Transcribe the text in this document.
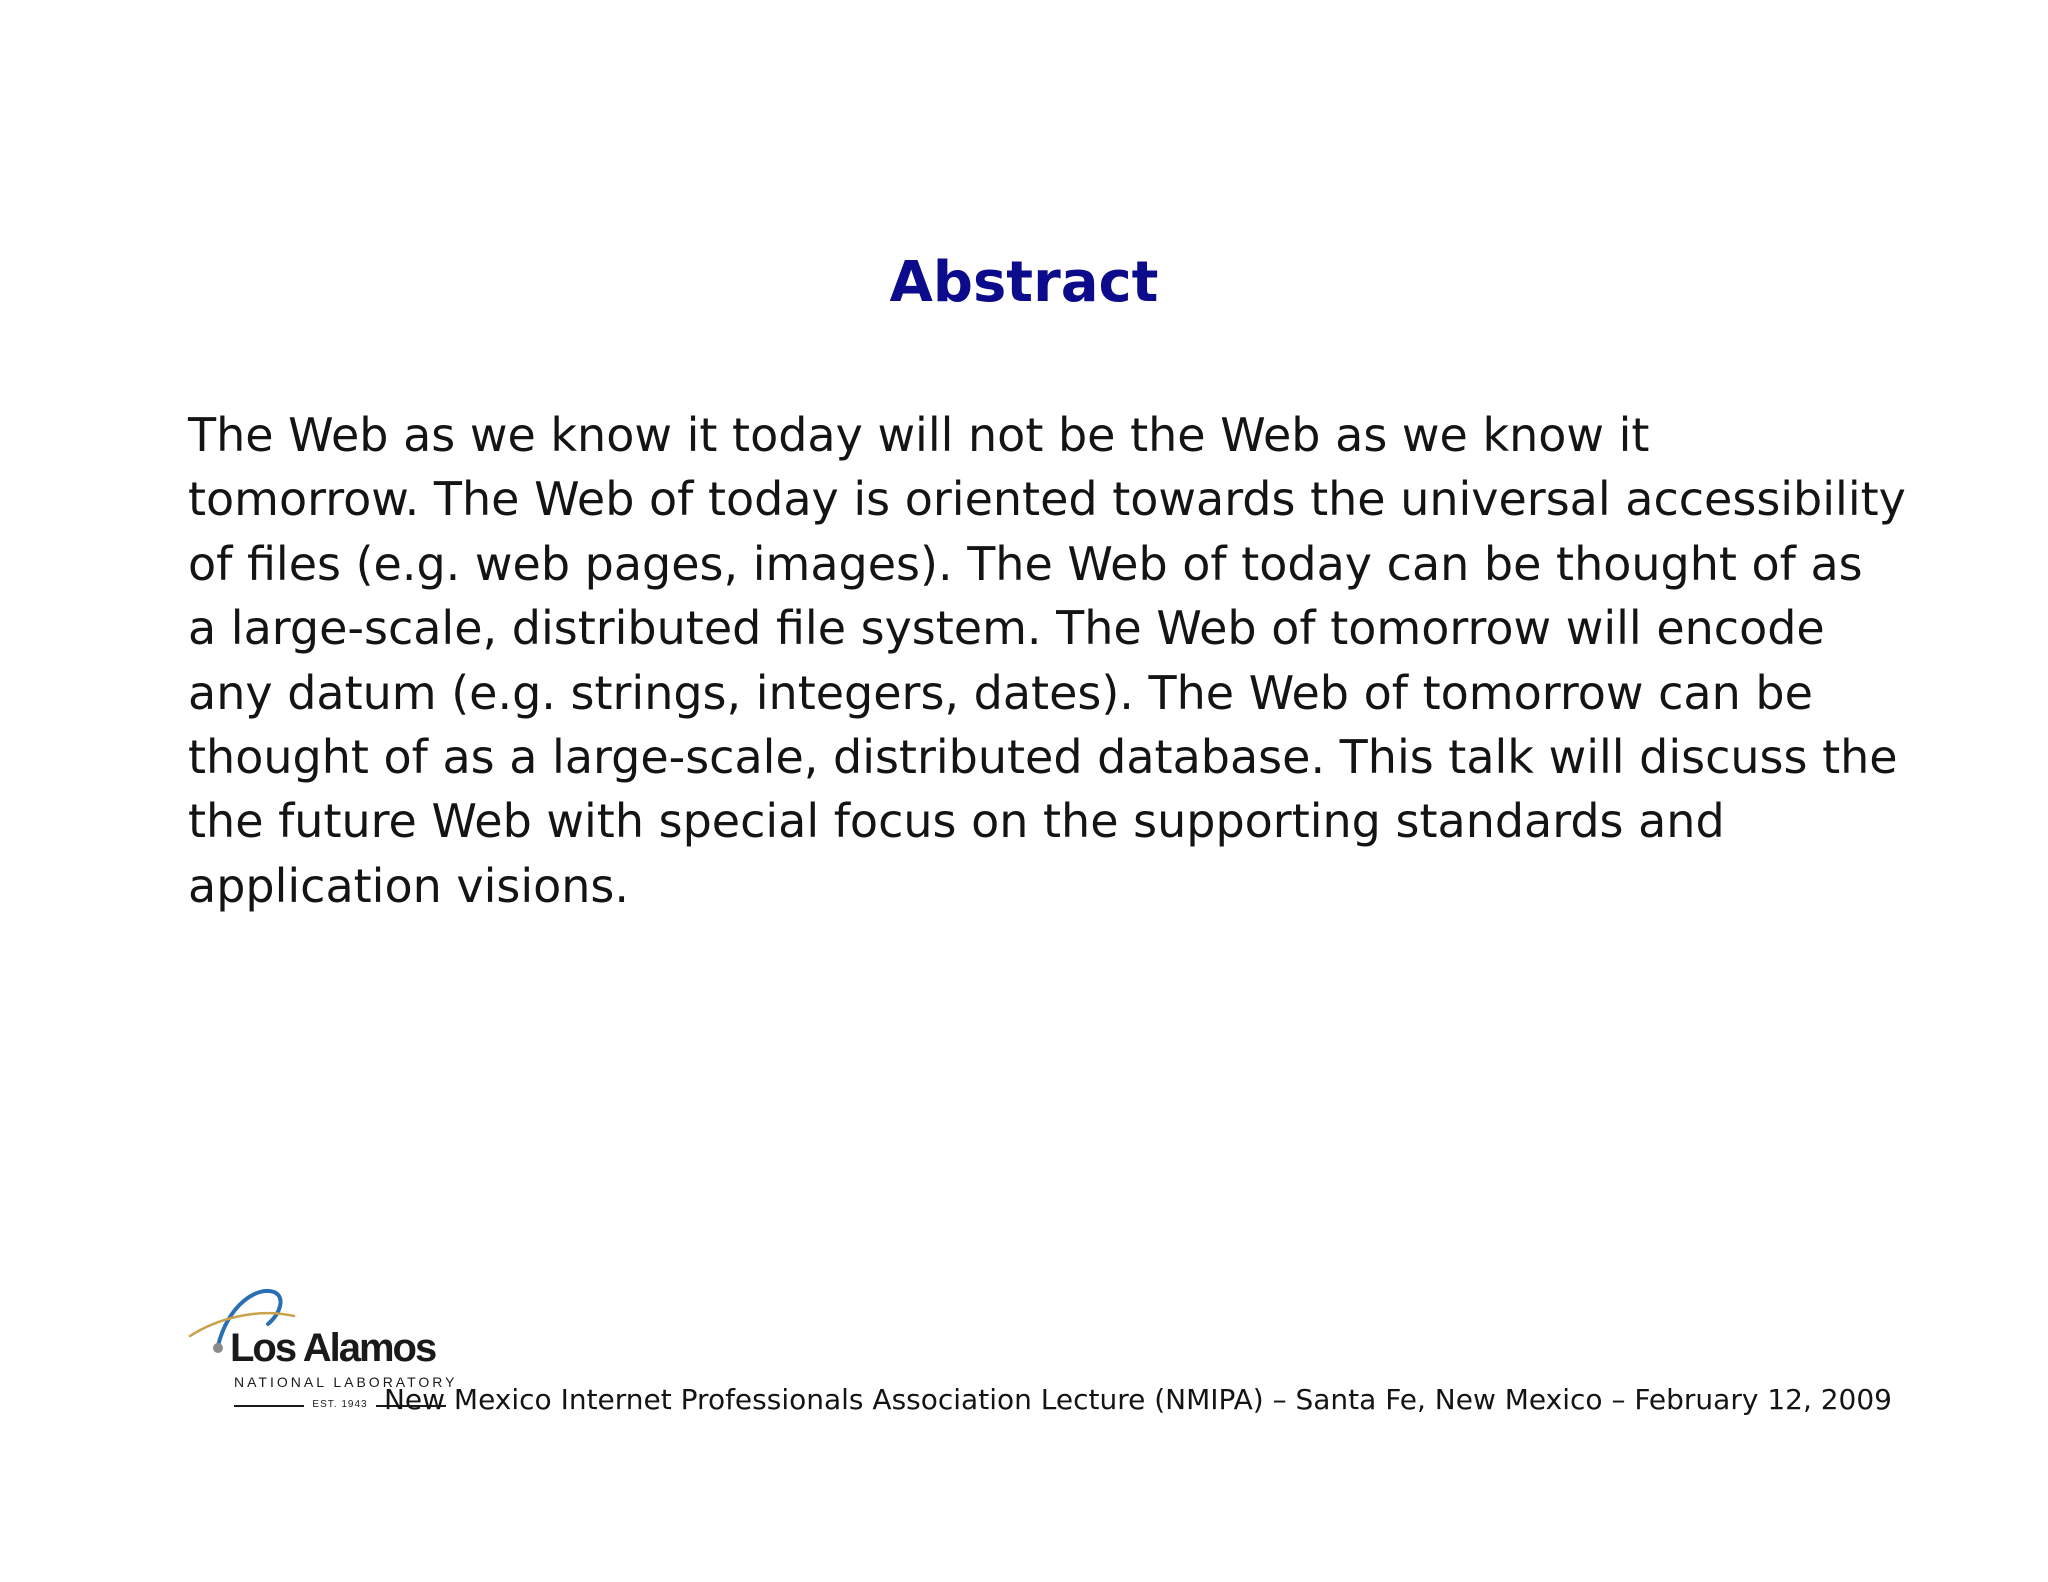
Abstract

The Web as we know it today will not be the Web as we know it
tomorrow. The Web of today is oriented towards the universal accessibility
of files (e.g. web pages, images). The Web of today can be thought of as
a large-scale, distributed file system. The Web of tomorrow will encode
any datum (e.g. strings, integers, dates). The Web of tomorrow can be
thought of as a large-scale, distributed database. This talk will discuss the
the future Web with special focus on the supporting standards and
application visions.

Los Alamos
NATIONAL LABORATORY
EST. 1943 New Mexico Internet Professionals Association Lecture (NMIPA) – Santa Fe, New Mexico – February 12, 2009
